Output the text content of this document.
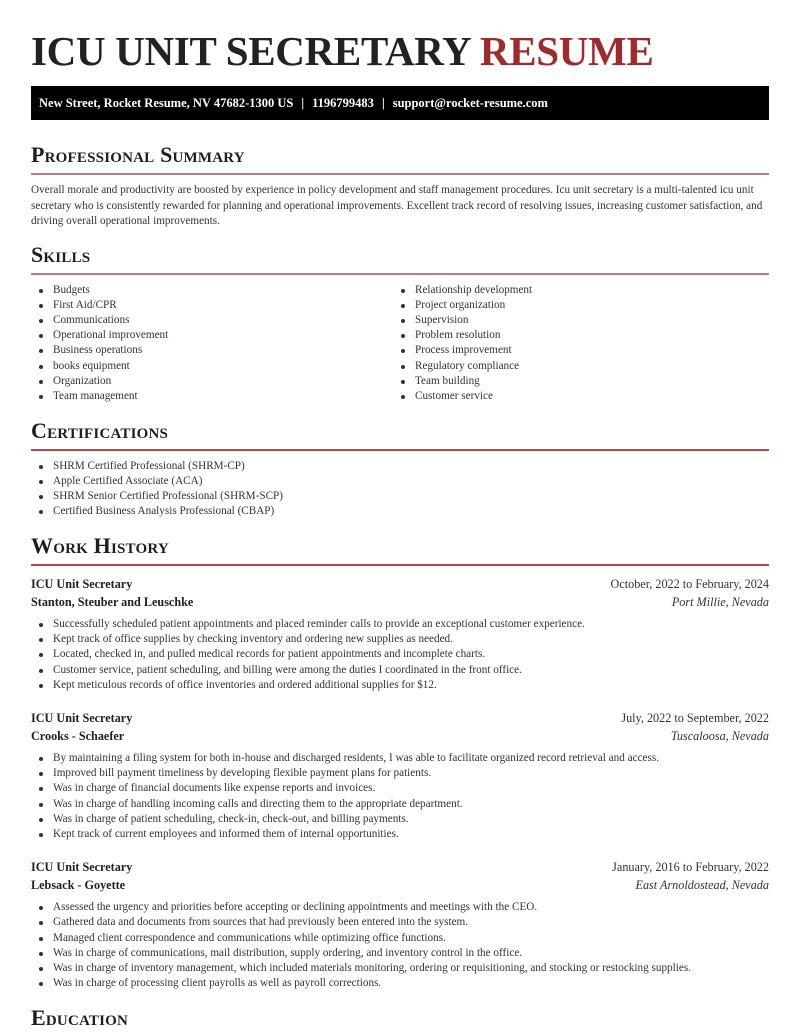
ICU UNIT SECRETARY RESUME
New Street, Rocket Resume, NV 47682-1300 US | 1196799483 | support@rocket-resume.com
Professional Summary

Overall morale and productivity are boosted by experience in policy development and staff management procedures. Icu unit secretary is a multi-talented icu unit secretary who is consistently rewarded for planning and operational improvements. Excellent track record of resolving issues, increasing customer satisfaction, and driving overall operational improvements.

Skills
Budgets
First Aid/CPR
Communications
Operational improvement
Business operations
books equipment
Organization
Team management
Relationship development
Project organization
Supervision
Problem resolution
Process improvement
Regulatory compliance
Team building
Customer service
Certifications
SHRM Certified Professional (SHRM-CP)
Apple Certified Associate (ACA)
SHRM Senior Certified Professional (SHRM-SCP)
Certified Business Analysis Professional (CBAP)
Work History
ICU Unit Secretary	October, 2022 to February, 2024
Stanton, Steuber and Leuschke	Port Millie, Nevada
Successfully scheduled patient appointments and placed reminder calls to provide an exceptional customer experience.
Kept track of office supplies by checking inventory and ordering new supplies as needed.
Located, checked in, and pulled medical records for patient appointments and incomplete charts.
Customer service, patient scheduling, and billing were among the duties I coordinated in the front office.
Kept meticulous records of office inventories and ordered additional supplies for $12.
ICU Unit Secretary	July, 2022 to September, 2022
Crooks - Schaefer	Tuscaloosa, Nevada
By maintaining a filing system for both in-house and discharged residents, I was able to facilitate organized record retrieval and access.
Improved bill payment timeliness by developing flexible payment plans for patients.
Was in charge of financial documents like expense reports and invoices.
Was in charge of handling incoming calls and directing them to the appropriate department.
Was in charge of patient scheduling, check-in, check-out, and billing payments.
Kept track of current employees and informed them of internal opportunities.
ICU Unit Secretary	January, 2016 to February, 2022
Lebsack - Goyette	East Arnoldostead, Nevada
Assessed the urgency and priorities before accepting or declining appointments and meetings with the CEO.
Gathered data and documents from sources that had previously been entered into the system.
Managed client correspondence and communications while optimizing office functions.
Was in charge of communications, mail distribution, supply ordering, and inventory control in the office.
Was in charge of inventory management, which included materials monitoring, ordering or requisitioning, and stocking or restocking supplies.
Was in charge of processing client payrolls as well as payroll corrections.
Education
